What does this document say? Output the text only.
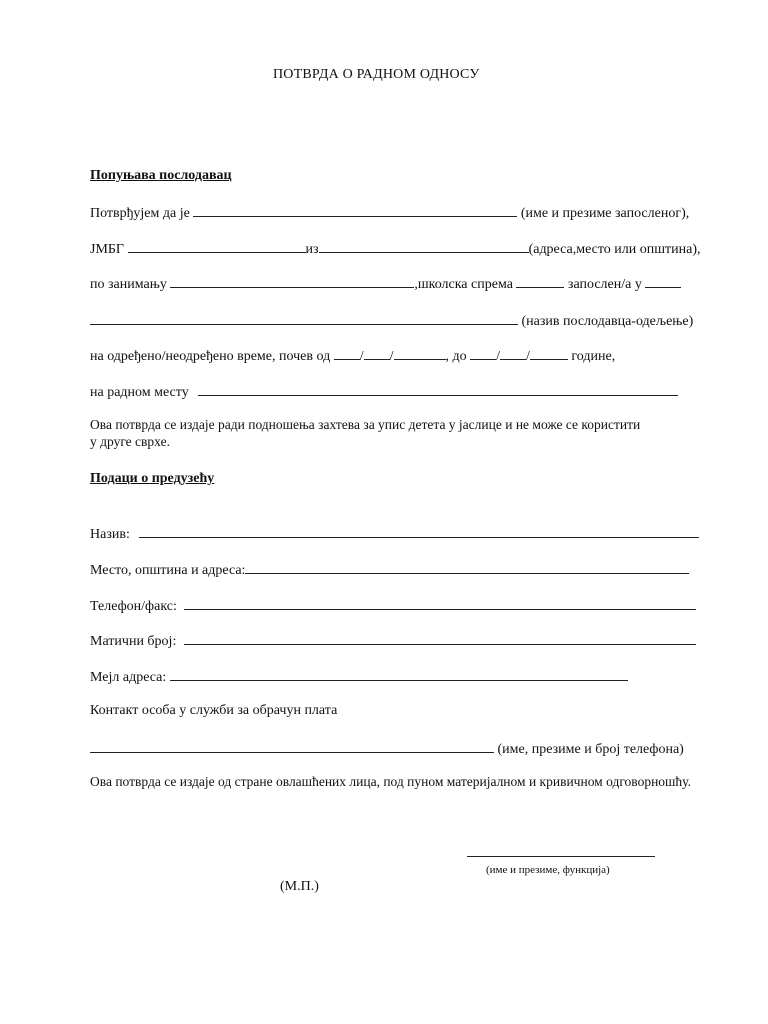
ПОТВРДА О РАДНОМ ОДНОСУ
Попуњава послодавац
Потврђујем да је	(име и презиме запосленог),
ЈМБГ	из	(адреса,место или општина),
по занимању	,школска спрема	запослен/а у
(назив послодавца-одељење)
на одређено/неодређено време, почев од / /	, до / /	године,
на радном месту
Ова потврда се издаје ради подношења захтева за упис детета у јаслице и не може се користити
у друге сврхе.
Подаци о предузећу
Назив:
Место, општина и адреса:
Телефон/факс:
Матични број:
Мејл адреса:
Контакт особа у служби за обрачун плата
(име, презиме и број телефона)
Ова потврда се издаје од стране овлашћених лица, под пуном материјалном и кривичном одговорношћу.
(име и презиме, функција)
(М.П.)
